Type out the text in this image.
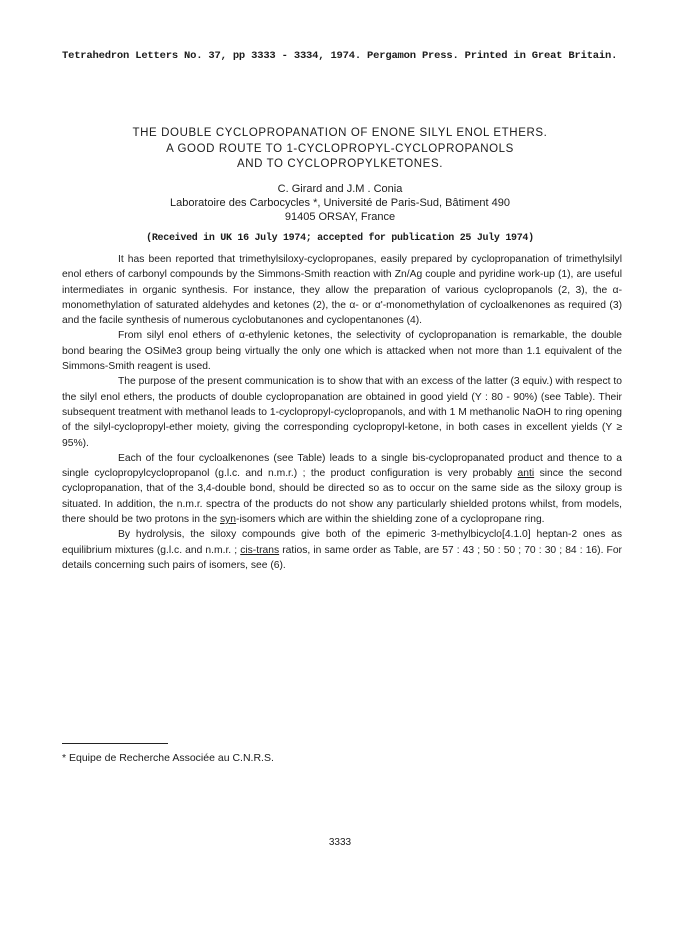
Tetrahedron Letters No. 37, pp 3333 - 3334, 1974. Pergamon Press. Printed in Great Britain.
THE DOUBLE CYCLOPROPANATION OF ENONE SILYL ENOL ETHERS.
A GOOD ROUTE TO 1-CYCLOPROPYL-CYCLOPROPANOLS
AND TO CYCLOPROPYLKETONES.
C. Girard and J.M . Conia
Laboratoire des Carbocycles *, Université de Paris-Sud, Bâtiment 490
91405 ORSAY, France
(Received in UK 16 July 1974; accepted for publication 25 July 1974)

It has been reported that trimethylsiloxy-cyclopropanes, easily prepared by cyclopropanation of trimethylsilyl enol ethers of carbonyl compounds by the Simmons-Smith reaction with Zn/Ag couple and pyridine work-up (1), are useful intermediates in organic synthesis. For instance, they allow the preparation of various cyclopropanols (2, 3), the α-monomethylation of saturated aldehydes and ketones (2), the α- or α'-monomethylation of cycloalkenones as required (3) and the facile synthesis of numerous cyclobutanones and cyclopentanones (4).

From silyl enol ethers of α-ethylenic ketones, the selectivity of cyclopropanation is remarkable, the double bond bearing the OSiMe3 group being virtually the only one which is attacked when not more than 1.1 equivalent of the Simmons-Smith reagent is used.

The purpose of the present communication is to show that with an excess of the latter (3 equiv.) with respect to the silyl enol ethers, the products of double cyclopropanation are obtained in good yield (Y : 80 - 90%) (see Table). Their subsequent treatment with methanol leads to 1-cyclopropyl-cyclopropanols, and with 1 M methanolic NaOH to ring opening of the silyl-cyclopropyl-ether moiety, giving the corresponding cyclopropyl-ketone, in both cases in excellent yields (Y ≥ 95%).

Each of the four cycloalkenones (see Table) leads to a single bis-cyclopropanated product and thence to a single cyclopropylcyclopropanol (g.l.c. and n.m.r.) ; the product configuration is very probably anti since the second cyclopropanation, that of the 3,4-double bond, should be directed so as to occur on the same side as the siloxy group is situated. In addition, the n.m.r. spectra of the products do not show any particularly shielded protons whilst, from models, there should be two protons in the syn-isomers which are within the shielding zone of a cyclopropane ring.

By hydrolysis, the siloxy compounds give both of the epimeric 3-methylbicyclo[4.1.0] heptan-2 ones as equilibrium mixtures (g.l.c. and n.m.r. ; cis-trans ratios, in same order as Table, are 57 : 43 ; 50 : 50 ; 70 : 30 ; 84 : 16). For details concerning such pairs of isomers, see (6).

* Equipe de Recherche Associée au C.N.R.S.
3333
